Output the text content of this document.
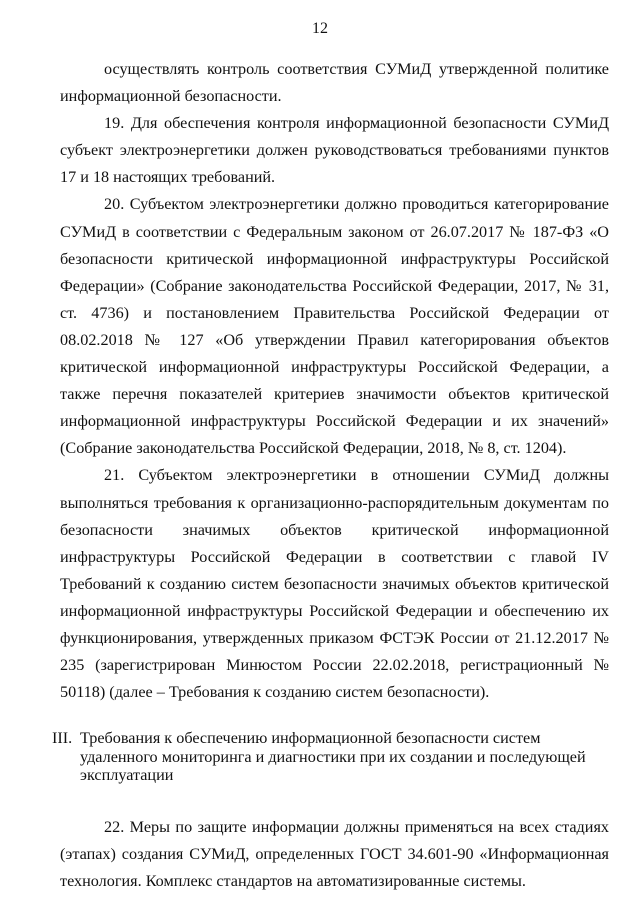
12

осуществлять контроль соответствия СУМиД утвержденной политике информационной безопасности.

19. Для обеспечения контроля информационной безопасности СУМиД субъект электроэнергетики должен руководствоваться требованиями пунктов 17 и 18 настоящих требований.

20. Субъектом электроэнергетики должно проводиться категорирование СУМиД в соответствии с Федеральным законом от 26.07.2017 № 187-ФЗ «О безопасности критической информационной инфраструктуры Российской Федерации» (Собрание законодательства Российской Федерации, 2017, № 31, ст. 4736) и постановлением Правительства Российской Федерации от 08.02.2018 № 127 «Об утверждении Правил категорирования объектов критической информационной инфраструктуры Российской Федерации, а также перечня показателей критериев значимости объектов критической информационной инфраструктуры Российской Федерации и их значений» (Собрание законодательства Российской Федерации, 2018, № 8, ст. 1204).

21. Субъектом электроэнергетики в отношении СУМиД должны выполняться требования к организационно-распорядительным документам по безопасности значимых объектов критической информационной инфраструктуры Российской Федерации в соответствии с главой IV Требований к созданию систем безопасности значимых объектов критической информационной инфраструктуры Российской Федерации и обеспечению их функционирования, утвержденных приказом ФСТЭК России от 21.12.2017 № 235 (зарегистрирован Минюстом России 22.02.2018, регистрационный № 50118) (далее – Требования к созданию систем безопасности).

III. Требования к обеспечению информационной безопасности систем удаленного мониторинга и диагностики при их создании и последующей эксплуатации

22. Меры по защите информации должны применяться на всех стадиях (этапах) создания СУМиД, определенных ГОСТ 34.601-90 «Информационная технология. Комплекс стандартов на автоматизированные системы.
